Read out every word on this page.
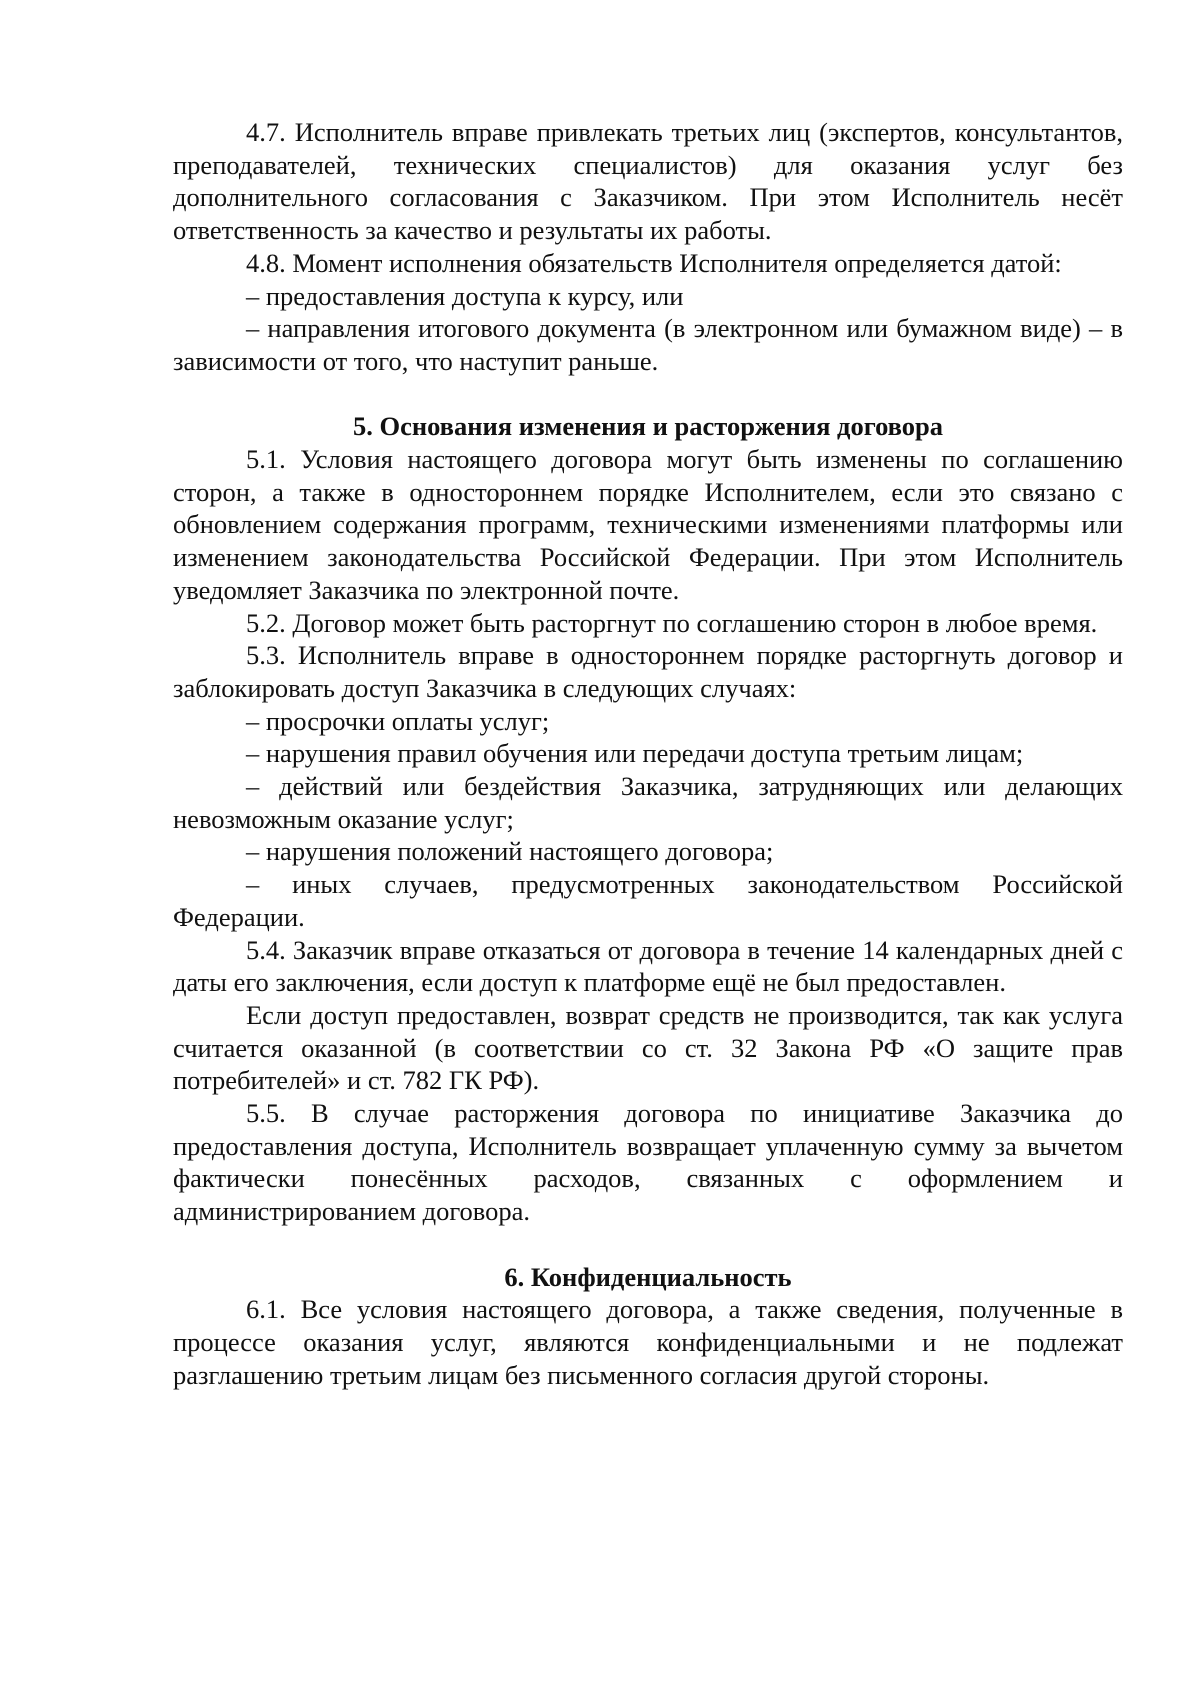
4.7. Исполнитель вправе привлекать третьих лиц (экспертов, консультантов, преподавателей, технических специалистов) для оказания услуг без дополнительного согласования с Заказчиком. При этом Исполнитель несёт ответственность за качество и результаты их работы.

4.8. Момент исполнения обязательств Исполнителя определяется датой:

– предоставления доступа к курсу, или

– направления итогового документа (в электронном или бумажном виде) – в зависимости от того, что наступит раньше.

5. Основания изменения и расторжения договора

5.1. Условия настоящего договора могут быть изменены по соглашению сторон, а также в одностороннем порядке Исполнителем, если это связано с обновлением содержания программ, техническими изменениями платформы или изменением законодательства Российской Федерации. При этом Исполнитель уведомляет Заказчика по электронной почте.

5.2. Договор может быть расторгнут по соглашению сторон в любое время.

5.3. Исполнитель вправе в одностороннем порядке расторгнуть договор и заблокировать доступ Заказчика в следующих случаях:

– просрочки оплаты услуг;

– нарушения правил обучения или передачи доступа третьим лицам;

– действий или бездействия Заказчика, затрудняющих или делающих невозможным оказание услуг;

– нарушения положений настоящего договора;

– иных случаев, предусмотренных законодательством Российской Федерации.

5.4. Заказчик вправе отказаться от договора в течение 14 календарных дней с даты его заключения, если доступ к платформе ещё не был предоставлен.

Если доступ предоставлен, возврат средств не производится, так как услуга считается оказанной (в соответствии со ст. 32 Закона РФ «О защите прав потребителей» и ст. 782 ГК РФ).

5.5. В случае расторжения договора по инициативе Заказчика до предоставления доступа, Исполнитель возвращает уплаченную сумму за вычетом фактически понесённых расходов, связанных с оформлением и администрированием договора.

6. Конфиденциальность

6.1. Все условия настоящего договора, а также сведения, полученные в процессе оказания услуг, являются конфиденциальными и не подлежат разглашению третьим лицам без письменного согласия другой стороны.
